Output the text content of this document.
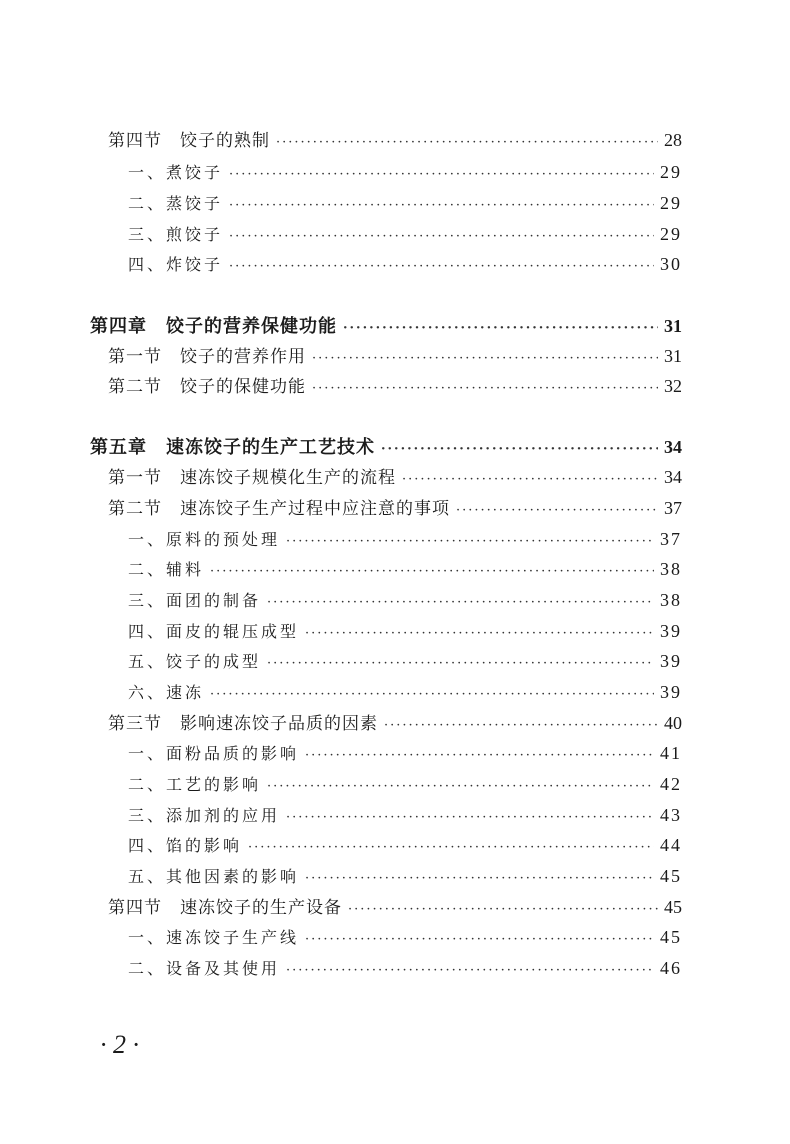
第四节　饺子的熟制 ·····	28
一、煮饺子 ·····	29
二、蒸饺子 ·····	29
三、煎饺子 ·····	29
四、炸饺子 ·····	30
第四章　饺子的营养保健功能 ·····	31
第一节　饺子的营养作用 ·····	31
第二节　饺子的保健功能 ·····	32
第五章　速冻饺子的生产工艺技术 ·····	34
第一节　速冻饺子规模化生产的流程 ·····	34
第二节　速冻饺子生产过程中应注意的事项 ·····	37
一、原料的预处理 ·····	37
二、辅料 ·····	38
三、面团的制备 ·····	38
四、面皮的辊压成型 ·····	39
五、饺子的成型 ·····	39
六、速冻 ·····	39
第三节　影响速冻饺子品质的因素 ·····	40
一、面粉品质的影响 ·····	41
二、工艺的影响 ·····	42
三、添加剂的应用 ·····	43
四、馅的影响 ·····	44
五、其他因素的影响 ·····	45
第四节　速冻饺子的生产设备 ·····	45
一、速冻饺子生产线 ·····	45
二、设备及其使用 ·····	46
· 2 ·
